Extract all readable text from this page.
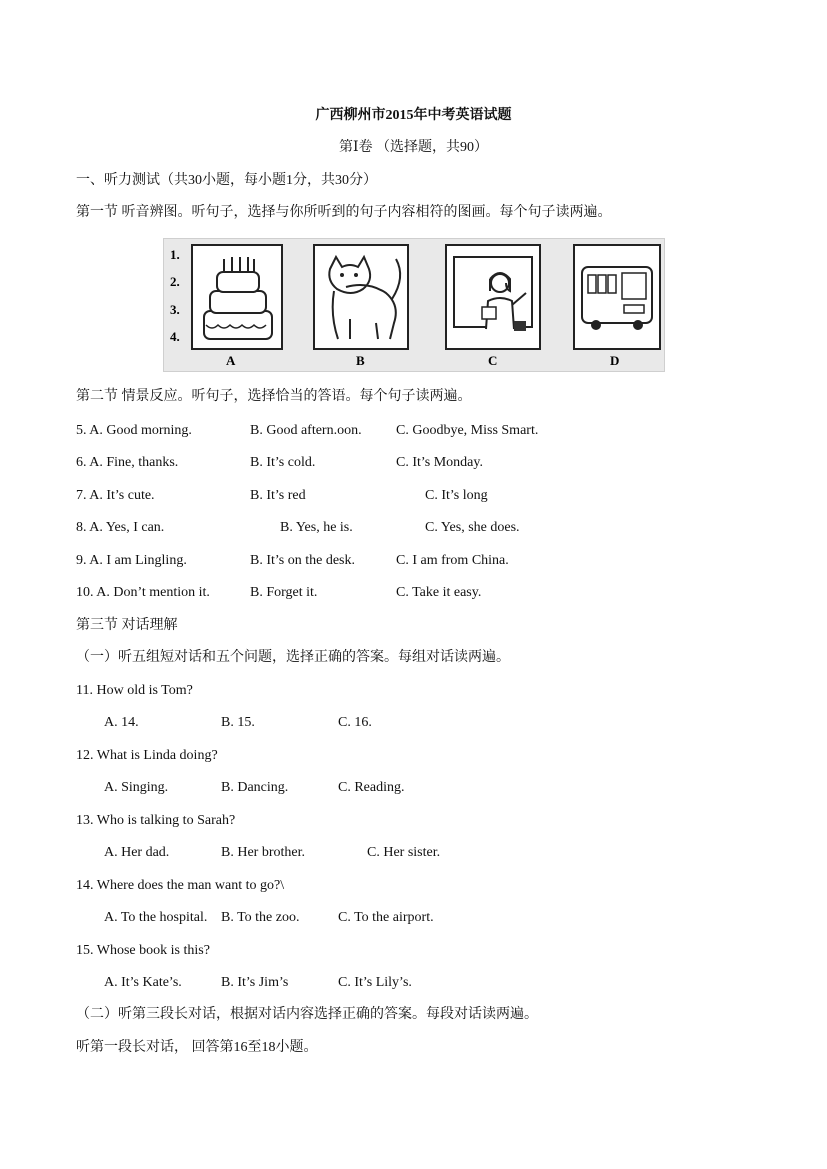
广西柳州市2015年中考英语试题
第Ⅰ卷 （选择题，共90）
一、听力测试（共30小题，每小题1分，共30分）
第一节 听音辨图。听句子，选择与你所听到的句子内容相符的图画。每个句子读两遍。
1.
2.
3.
4.
A	B	C	D
第二节 情景反应。听句子，选择恰当的答语。每个句子读两遍。
5. A. Good morning.	B. Good aftern.oon. C. Goodbye, Miss Smart.
6. A. Fine, thanks.	B. It’s cold.	C. It’s Monday.
7. A. It’s cute.	B. It’s red	C. It’s long
8. A. Yes, I can.	B. Yes, he is.	C. Yes, she does.
9. A. I am Lingling.	B. It’s on the desk.	C. I am from China.
10. A. Don’t mention it.	B. Forget it.	C. Take it easy.
第三节 对话理解
（一）听五组短对话和五个问题，选择正确的答案。每组对话读两遍。
11. How old is Tom?
A. 14.	B. 15.	C. 16.
12. What is Linda doing?
A. Singing.	B. Dancing.	C. Reading.
13. Who is talking to Sarah?
A. Her dad.	B. Her brother.	C. Her sister.
14. Where does the man want to go?\
A. To the hospital. B. To the zoo.	C. To the airport.
15. Whose book is this?
A. It’s Kate’s.	B. It’s Jim’s	C. It’s Lily’s.
（二）听第三段长对话，根据对话内容选择正确的答案。每段对话读两遍。
听第一段长对话， 回答第16至18小题。
